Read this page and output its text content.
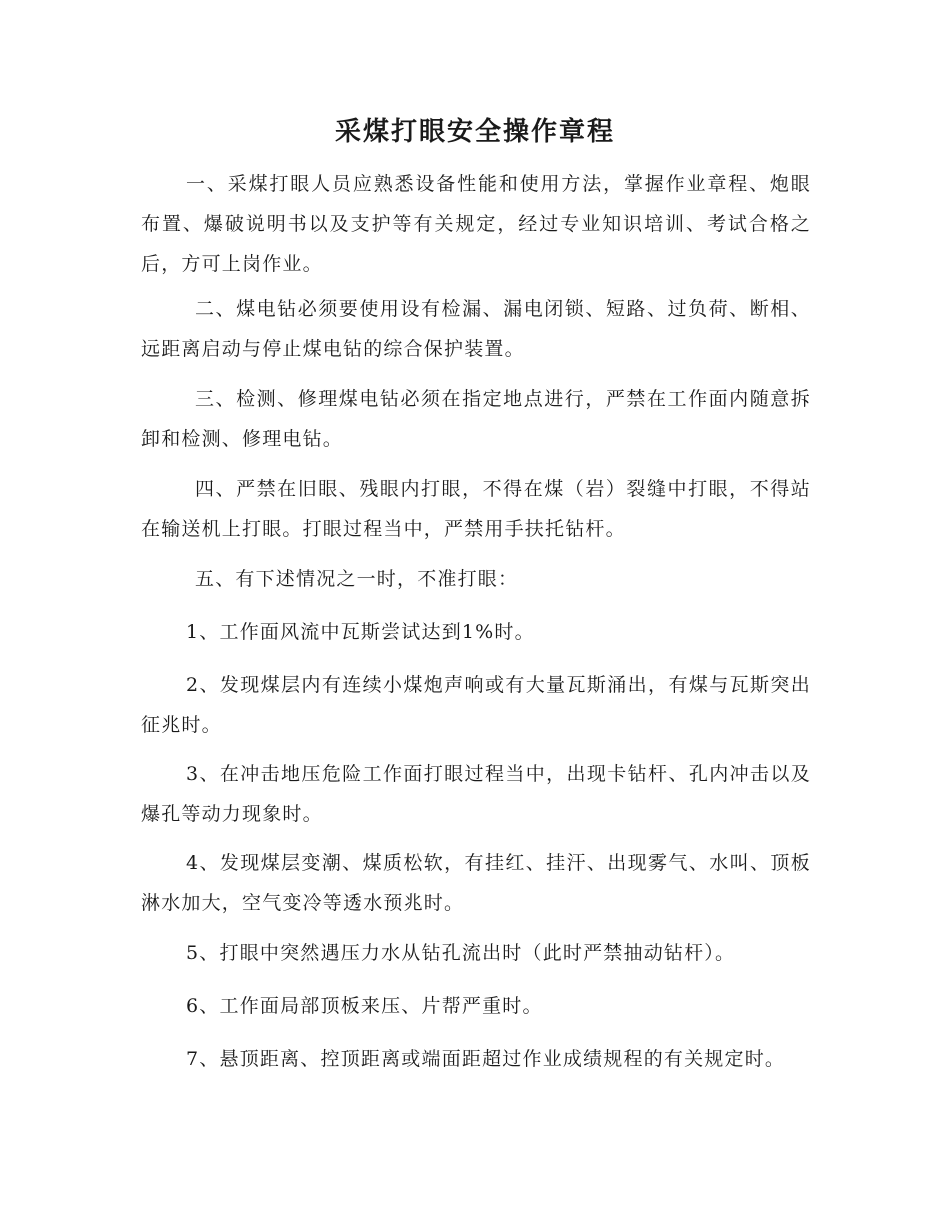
采煤打眼安全操作章程

一、采煤打眼人员应熟悉设备性能和使用方法，掌握作业章程、炮眼布置、爆破说明书以及支护等有关规定，经过专业知识培训、考试合格之后，方可上岗作业。

二、煤电钻必须要使用设有检漏、漏电闭锁、短路、过负荷、断相、远距离启动与停止煤电钻的综合保护装置。

三、检测、修理煤电钻必须在指定地点进行，严禁在工作面内随意拆卸和检测、修理电钻。

四、严禁在旧眼、残眼内打眼，不得在煤（岩）裂缝中打眼，不得站在输送机上打眼。打眼过程当中，严禁用手扶托钻杆。

五、有下述情况之一时，不准打眼：

1、工作面风流中瓦斯尝试达到1%时。

2、发现煤层内有连续小煤炮声响或有大量瓦斯涌出，有煤与瓦斯突出征兆时。

3、在冲击地压危险工作面打眼过程当中，出现卡钻杆、孔内冲击以及爆孔等动力现象时。

4、发现煤层变潮、煤质松软，有挂红、挂汗、出现雾气、水叫、顶板淋水加大，空气变冷等透水预兆时。

5、打眼中突然遇压力水从钻孔流出时（此时严禁抽动钻杆）。

6、工作面局部顶板来压、片帮严重时。

7、悬顶距离、控顶距离或端面距超过作业成绩规程的有关规定时。
